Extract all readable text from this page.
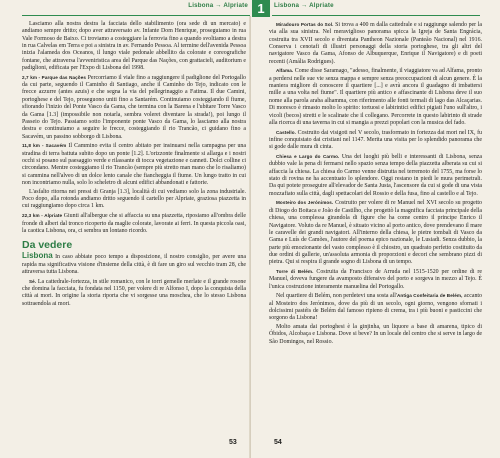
Lisbona → Alpriate 1	Lisbona → Alpriate

Lasciamo alla nostra destra la facciata dello stabilimento (ora sede di un mercato) e andiamo sempre dritto; dopo aver attraversato av. Infante Dom Henrique, proseguiamo in rua Vale Formoso de Baixo. Ci troviamo a costeggiare la ferrovia fino a quando svoltiamo a destra in rua Calvelas em Terra e poi a sinistra in av. Fernando Pessoa. Al termine dell'avenida Pessoa inizia l'alameda dos Oceanos, il lungo viale pedonale abbellito da colorate e coreografiche fontane, che attraversa l'avveniristica area del Parque das Nações, con grattacieli, auditorium e padiglioni, edificata per l'Expo di Lisbona del 1998.

2,7 km - Parque das Nações Percorriamo il viale fino a raggiungere il padiglione del Portogallo da cui parte, seguendo il Caminho di Santiago, anche il Caminho do Tejo, indicato con le frecce azzurre (antes azuis) e che segna la via del pellegrinaggio a Fatima. Il due Camini, portoghese e del Tejo, proseguono uniti fino a Santarém. Continuiamo costeggiando il fiume, sfiorando l'inizio del Ponte Vasco da Gama, che termina con la Barena e l'ubitare Torre Vasco da Gama [1.3] (impossibile non notarla, sembra voleret diventare la strada!), poi lungo il Passeio do Tejo. Passiamo sotto l'imponente ponte Vasco da Gama, lo lasciamo alla nostra destra e continuiamo a seguire le frecce, costeggiando il rio Trancão, ci guidano fino a Sacavém, un passino sobborgo di Lisbona.

11,8 km - Sacavém Il Cammino evita il centro abitato per insinuarsi nella campagna per una stradina di terra battuta subito dopo un ponte [1.2]. L'orizzonte finalmente si allarga e i nostri occhi si posano sul paesaggio verde e rilassante di tocca vegetazione e canneti. Dolci colline ci circondano. Mentre costeggiamo il rio Trancão (sempre più stretto man mano che lo risaliamo) si cammina nell'alveo di un dolce lento canale che fiancheggia il fiume. Un lungo tratto in cui non incontriamo nulla, solo lo scheletro di alcuni edifici abbandonati e fattorie.

L'asfalto ritorna nei pressi di Granja [1.3], località di cui vediamo solo la zona industriale. Poco dopo, alla rotonda andiamo dritto seguendo il cartello per Alpriate, graziosa piazzetta in cui raggiungiamo dopo circa 1 km.

22,3 km - Alpriate Giunti all'albergue che si affaccia su una piazzetta, riposiamo all'ombra delle fronde di alberi dal tronco ricoperto da maglie colorate, lavorate ai ferri. In questa piccola oasi, la caotica Lisbona, ora, ci sembra un lontano ricordo.

Da vedere

Lisbona In caso abbiate poco tempo a disposizione, il nostro consiglio, per avere una rapida ma significativa visione d'insieme della città, è di fare un giro sul vecchio tram 28, che attraversa tutta Lisbona.

Sé. La cattedrale-fortezza, in stile romanico, con le torri gemelle merlate e il grande rosone che domina la facciata, fu fondata nel 1150, per volere di re Alfonso I, dopo la conquista della città ai mori. In origine la storia riporta che vi sorgesse una moschea, che lo stesso Lisbona sottraendola ai mori.

53

Miradouro Portas do Sol. Si trova a 400 m dalla cattedrale e si raggiunge salendo per la via alla sua sinistra. Nel meraviglioso panorama spicca la Igreja de Santa Engrácia, costruita tra XVII secolo e diventata Pantheon Nazionale (Panteão Nacional) nel 1916. Conserva i cenotafi di illustri personaggi della storia portoghese, tra gli altri del navigatore Vasco da Gama, Afonso de Albuquerque, Enrique il Navigatore) e di poeti recenti (Amália Rodrigues).

Alfama. Come disse Saramago, "adesso, finalmente, il viaggiatore va ad Alfama, pronto a perdersi nelle sue vie senza mappa e sempre senza preoccupazioni di alcun genere. È la maniera migliore di conoscere il quartiere [...] e avrà ancora il guadagno di imbattersi mille a una volta nel fiume". Il quartiere più antico e affascinante di Lisbona deve il suo nome alla parola araba alhamma, con riferimento alle fonti termali di lago das Alcaçarias. Di moresco è rimasto molto lo spirito: tortuosi e labirintici edifici pigiati l'uno sull'altro, i vicoli (becos) stretti e le scalinate che il collegano. Percorrete in questo labirinto di strade alla ricerca di una taverna in cui si mangia a prezzi popolari con la musica del fado.

Castello. Costruito dai visigoti nel V secolo, trasformato in fortezza dai mori nel IX, fu infine conquistato dai cristiani nel 1147. Merita una visita per lo splendido panorama che si gode dalle mura di cinta.

Chiesa e Largo do Carmo. Una dei luoghi più belli e interessanti di Lisbona, senza dubbio vale la pena di fermarsi nello spazio senza tempo della piazzetta alberata su cui si affaccia la chiesa. La chiesa do Carmo venne distrutta nel terremoto del 1755, ma forse lo stato di rovina ne ha accentuato lo splendore. Oggi restano in piedi le mura perimetrali. Da qui potete proseguire all'elevador de Santa Justa, l'ascensore da cui si gode di una vista mozzafiato sulla città, dagli spettacolari del Rossio e della fusa, fino al castello e al Tejo.

Mosteiro dos Jerónimos. Costruito per volere di re Manuel nel XVI secolo su progetto di Diogo do Boitaca e João de Castilho, che progettò la magnifica facciata principale della chiesa, una complessa girandola di figure che ha come centro il principe Enrico il Navigatore. Voluto da re Manuel, è situato vicino al porto antico, dove prendevano il mare le caravelle dei grandi navigatori. All'interno della chiesa, le pietre tombali di Vasco da Gama e Luís de Camões, l'autore del poema epico nazionale, le Lusiadi. Senza dubbio, la parte più emozionante del vasto complesso è il chiostro, un quadrato perfetto costituito da due ordini di gallerie, un'assoluta armonia di proporzioni e decori che sembrano pizzi di pietra. Qui si respira il grande sogno di Lisbona di un tempo.

Torre di Belém. Costruita da Francisco de Arruda nel 1515-1520 per ordine di re Manuel, doveva fungere da avamposto difensivo del porto e sorgeva in mezzo al Tejo. È l'unica costruzione interamente manuelina del Portogallo.

Nel quartiere di Belém, non perdetevi una sosta all'Antiga Confeitaria de Belém, accanto al Mosteiro dos Jerónimos, dove da più di un secolo, ogni giorno, vengono sfornati i dolcissimi pastéis de Belém dal famoso ripieno di crema, tra i più buoni e pasticcini che sorgono da Lisbona!

Molto amata dai portoghesi è la ginjinha, un liquore a base di amarena, tipico di Óbidos, Alcobaça e Lisbona. Dove si beve? In un locale del centro che si serve in largo de São Domingos, nel Rossio.

54
